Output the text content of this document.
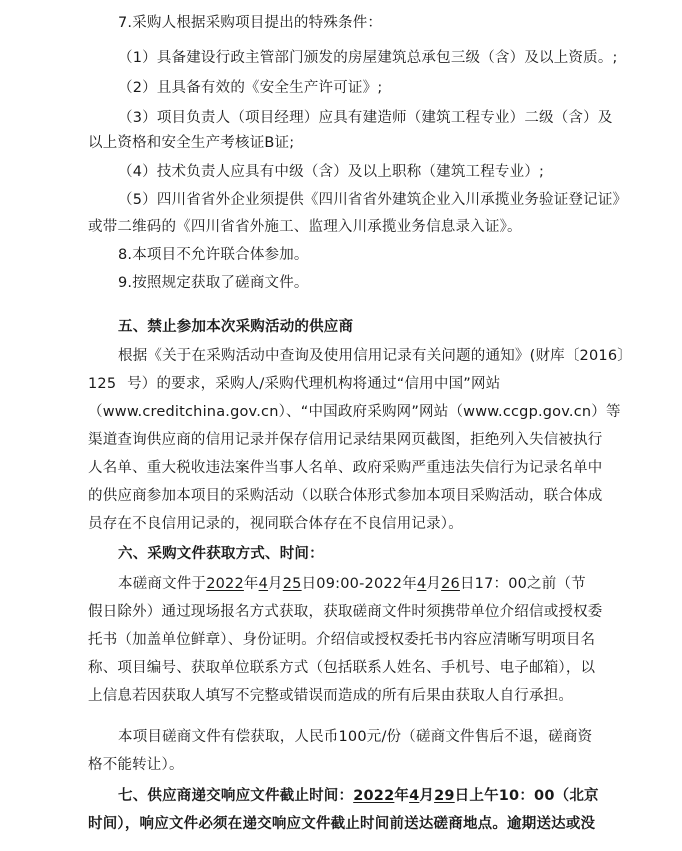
7.采购人根据采购项目提出的特殊条件：
（1）具备建设行政主管部门颁发的房屋建筑总承包三级（含）及以上资质。;
（2）且具备有效的《安全生产许可证》;
（3）项目负责人（项目经理）应具有建造师（建筑工程专业）二级（含）及
以上资格和安全生产考核证B证;
（4）技术负责人应具有中级（含）及以上职称（建筑工程专业）;
（5）四川省省外企业须提供《四川省省外建筑企业入川承揽业务验证登记证》
或带二维码的《四川省省外施工、监理入川承揽业务信息录入证》。
8.本项目不允许联合体参加。
9.按照规定获取了磋商文件。
五、禁止参加本次采购活动的供应商
根据《关于在采购活动中查询及使用信用记录有关问题的通知》(财库〔2016〕
125 号）的要求，采购人/采购代理机构将通过“信用中国”网站
（www.creditchina.gov.cn）、“中国政府采购网”网站（www.ccgp.gov.cn）等
渠道查询供应商的信用记录并保存信用记录结果网页截图，拒绝列入失信被执行
人名单、重大税收违法案件当事人名单、政府采购严重违法失信行为记录名单中
的供应商参加本项目的采购活动（以联合体形式参加本项目采购活动，联合体成
员存在不良信用记录的，视同联合体存在不良信用记录）。
六、采购文件获取方式、时间：
本磋商文件于2022年4月25日09:00-2022年4月26日17：00之前（节
假日除外）通过现场报名方式获取，获取磋商文件时须携带单位介绍信或授权委
托书（加盖单位鲜章）、身份证明。介绍信或授权委托书内容应清晰写明项目名
称、项目编号、获取单位联系方式（包括联系人姓名、手机号、电子邮箱），以
上信息若因获取人填写不完整或错误而造成的所有后果由获取人自行承担。
本项目磋商文件有偿获取，人民币100元/份（磋商文件售后不退，磋商资
格不能转让）。
七、供应商递交响应文件截止时间：2022年4月29日上午10：00（北京
时间），响应文件必须在递交响应文件截止时间前送达磋商地点。逾期送达或没
